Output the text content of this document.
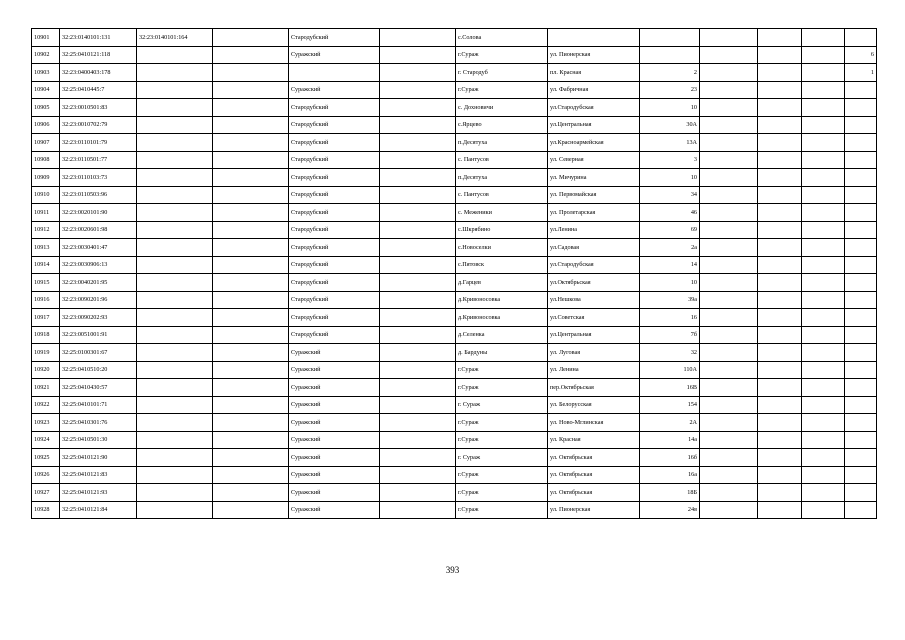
10901	32:23:0140101:131	32:23:0140101:164		Стародубский		с.Солова						
10902	32:25:0410121:118			Суражский		г.Сураж	ул. Пионерская					6
10903	32:23:0400403:178					г. Стародуб	пл. Красная	2				1
10904	32:25:0410445:7			Суражский		г.Сураж	ул. Фабричная	23				
10905	32:23:0010501:83			Стародубский		с. Дохновичи	ул.Стародубская	10				
10906	32:23:0010702:79			Стародубский		с.Ярцево	ул.Центральная	30А				
10907	32:23:0110101:79			Стародубский		п.Десятуха	ул.Красноармейская	13А				
10908	32:23:0110501:77			Стародубский		с. Пантусов	ул. Северная	3				
10909	32:23:0110103:73			Стародубский		п.Десятуха	ул. Мичурина	10				
10910	32:23:0110503:96			Стародубский		с. Пантусов	ул. Первомайская	34				
10911	32:23:0020101:90			Стародубский		с. Меженики	ул. Пролетарская	46				
10912	32:23:0020601:98			Стародубский		с.Шкрябино	ул.Ленина	69				
10913	32:23:0030401:47			Стародубский		с.Новоселки	ул.Садовая	2а				
10914	32:23:0030906:13			Стародубский		с.Пятовск	ул.Стародубская	14				
10915	32:23:0040201:95			Стародубский		д.Гарцев	ул.Октябрьская	10				
10916	32:23:0090201:96			Стародубский		д.Кривоносовка	ул.Нешкова	39а				
10917	32:23:0090202:93			Стародубский		д.Кривоносовка	ул.Советская	16				
10918	32:23:0051001:91			Стародубский		д.Селенка	ул.Центральная	7б				
10919	32:25:0100301:67			Суражский		д. Бардуны	ул. Луговая	32				
10920	32:25:0410510:20			Суражский		г.Сураж	ул. Ленина	110А				
10921	32:25:0410430:57			Суражский		г.Сураж	пер.Октябрьская	16В				
10922	32:25:0410101:71			Суражский		г. Сураж	ул. Белорусская	154				
10923	32:25:0410301:76			Суражский		г.Сураж	ул. Ново-Мглинская	2А				
10924	32:25:0410501:30			Суражский		г.Сураж	ул. Красная	14а				
10925	32:25:0410121:90			Суражский		г. Сураж	ул. Октябрьская	16б				
10926	32:25:0410121:83			Суражский		г.Сураж	ул. Октябрьская	16а				
10927	32:25:0410121:93			Суражский		г.Сураж	ул. Октябрьская	18Б				
10928	32:25:0410121:84			Суражский		г.Сураж	ул. Пионерская	24в				
393
